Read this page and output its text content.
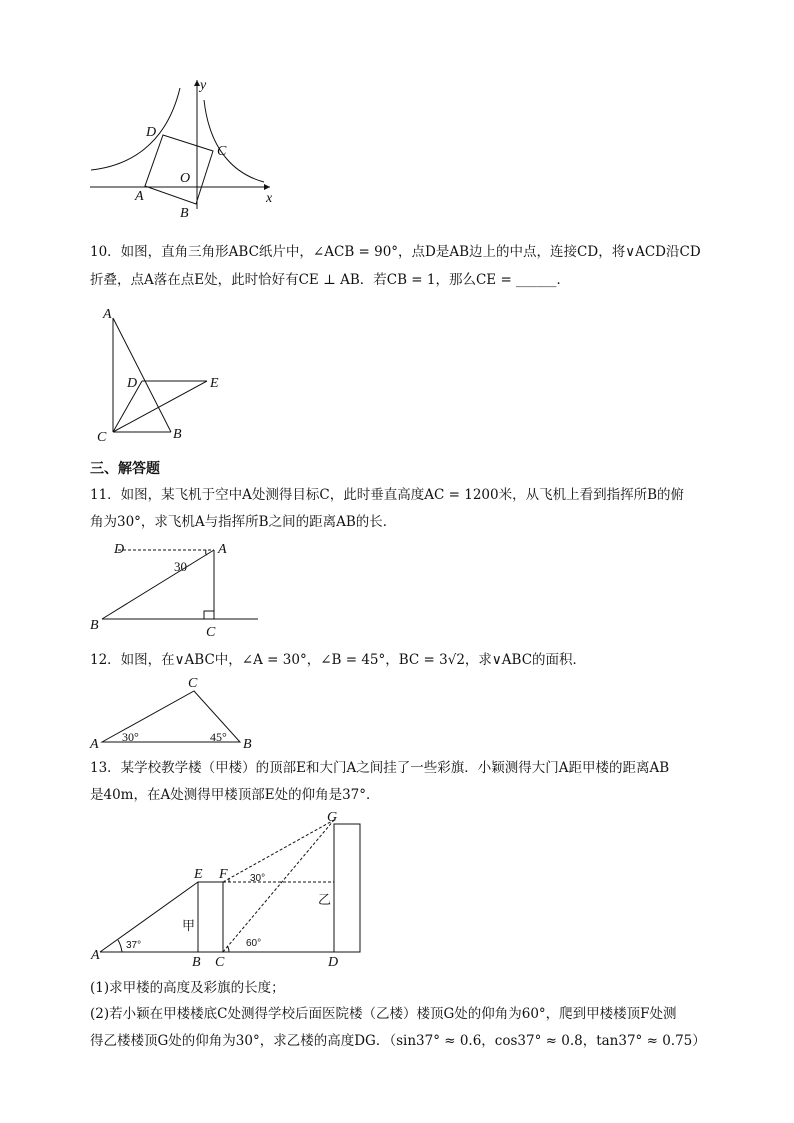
y
x
O
A
B
C
D
10．如图，直角三角形ABC纸片中，∠ACB = 90°，点D是AB边上的中点，连接CD，将∨ACD沿CD
折叠，点A落在点E处，此时恰好有CE ⊥ AB．若CB = 1，那么CE = ______．
A
B
C
D	E
三、解答题
11．如图，某飞机于空中A处测得目标C，此时垂直高度AC = 1200米，从飞机上看到指挥所B的俯
角为30°，求飞机A与指挥所B之间的距离AB的长．
D	A
B	C
30
12．如图，在∨ABC中，∠A = 30°，∠B = 45°，BC = 3√2，求∨ABC的面积．
A	B
C
30°	45°
13．某学校教学楼（甲楼）的顶部E和大门A之间挂了一些彩旗．小颖测得大门A距甲楼的距离AB
是40m，在A处测得甲楼顶部E处的仰角是37°．
A	B C	D
E F
G
甲
乙
37°
30°
60°
(1)求甲楼的高度及彩旗的长度；
(2)若小颖在甲楼楼底C处测得学校后面医院楼（乙楼）楼顶G处的仰角为60°，爬到甲楼楼顶F处测
得乙楼楼顶G处的仰角为30°，求乙楼的高度DG．（sin37° ≈ 0.6，cos37° ≈ 0.8，tan37° ≈ 0.75）
